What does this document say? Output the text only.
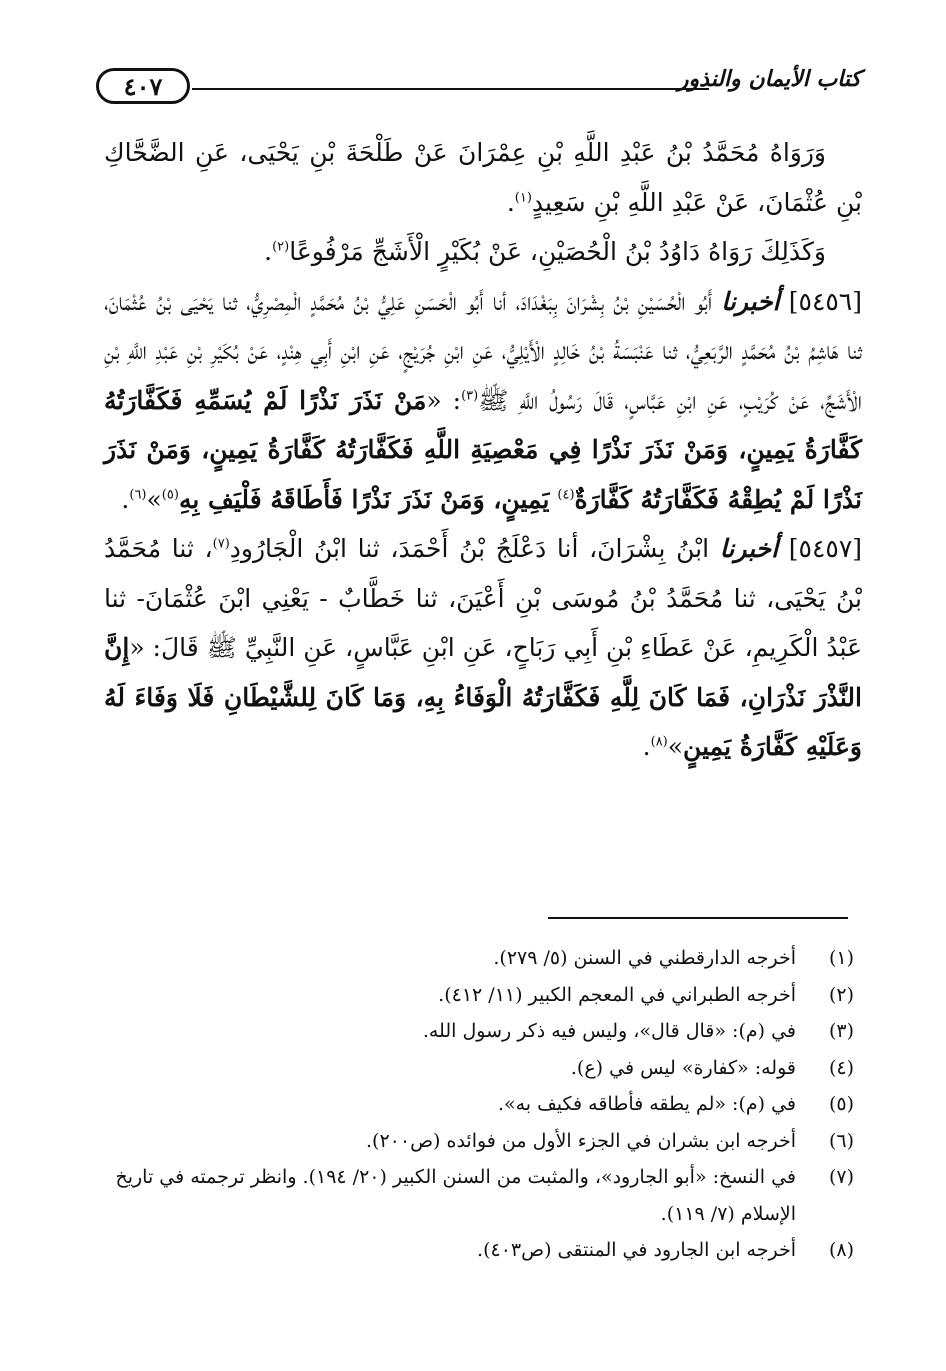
٤٠٧	كتاب الأيمان والنذور

وَرَوَاهُ مُحَمَّدُ بْنُ عَبْدِ اللَّهِ بْنِ عِمْرَانَ عَنْ طَلْحَةَ بْنِ يَحْيَى، عَنِ الضَّحَّاكِ بْنِ عُثْمَانَ، عَنْ عَبْدِ اللَّهِ بْنِ سَعِيدٍ$^{(١)}$.

وَكَذَلِكَ رَوَاهُ دَاوُدُ بْنُ الْحُصَيْنِ، عَنْ بُكَيْرٍ الْأَشَجِّ مَرْفُوعًا$^{(٢)}$.

[٥٤٥٦] أخبرنا أَبُو الْحُسَيْنِ بْنُ بِشْرَانَ بِبَغْدَادَ، أنا أَبُو الْحَسَنِ عَلِيُّ بْنُ مُحَمَّدٍ الْمِصْرِيُّ، ثنا يَحْيَى بْنُ عُثْمَانَ، ثنا هَاشِمُ بْنُ مُحَمَّدٍ الرَّبَعِيُّ، ثنا عَنْبَسَةُ بْنُ خَالِدٍ الْأَيْلِيُّ، عَنِ ابْنِ جُرَيْجٍ، عَنِ ابْنِ أَبِي هِنْدٍ، عَنْ بُكَيْرِ بْنِ عَبْدِ اللَّهِ بْنِ الْأَشَجِّ، عَنْ كُرَيْبٍ، عَنِ ابْنِ عَبَّاسٍ، قَالَ رَسُولُ اللَّهِ ﷺ$^{(٣)}$: «مَنْ نَذَرَ نَذْرًا لَمْ يُسَمِّهِ فَكَفَّارَتُهُ كَفَّارَةُ يَمِينٍ، وَمَنْ نَذَرَ نَذْرًا فِي مَعْصِيَةِ اللَّهِ فَكَفَّارَتُهُ كَفَّارَةُ يَمِينٍ، وَمَنْ نَذَرَ نَذْرًا لَمْ يُطِقْهُ فَكَفَّارَتُهُ كَفَّارَةٌ$^{(٤)}$ يَمِينٍ، وَمَنْ نَذَرَ نَذْرًا فَأَطَاقَهُ فَلْيَفِ بِهِ$^{(٥)}$»$^{(٦)}$.

[٥٤٥٧] أخبرنا ابْنُ بِشْرَانَ، أنا دَعْلَجُ بْنُ أَحْمَدَ، ثنا ابْنُ الْجَارُودِ$^{(٧)}$، ثنا مُحَمَّدُ بْنُ يَحْيَى، ثنا مُحَمَّدُ بْنُ مُوسَى بْنِ أَعْيَنَ، ثنا خَطَّابٌ - يَعْنِي ابْنَ عُثْمَانَ- ثنا عَبْدُ الْكَرِيمِ، عَنْ عَطَاءِ بْنِ أَبِي رَبَاحٍ، عَنِ ابْنِ عَبَّاسٍ، عَنِ النَّبِيِّ ﷺ قَالَ: «إِنَّ النَّذْرَ نَذْرَانِ، فَمَا كَانَ لِلَّهِ فَكَفَّارَتُهُ الْوَفَاءُ بِهِ، وَمَا كَانَ لِلشَّيْطَانِ فَلَا وَفَاءَ لَهُ وَعَلَيْهِ كَفَّارَةُ يَمِينٍ»$^{(٨)}$.

(١)
أخرجه الدارقطني في السنن (٥/ ٢٧٩).
(٢)
أخرجه الطبراني في المعجم الكبير (١١/ ٤١٢).
(٣)
في (م): «قال قال»، وليس فيه ذكر رسول الله.
(٤)
قوله: «كفارة» ليس في (ع).
(٥)
في (م): «لم يطقه فأطاقه فكيف به».
(٦)
أخرجه ابن بشران في الجزء الأول من فوائده (ص٢٠٠).
(٧)
في النسخ: «أبو الجارود»، والمثبت من السنن الكبير (٢٠/ ١٩٤). وانظر ترجمته في تاريخ الإسلام (٧/ ١١٩).
(٨)
أخرجه ابن الجارود في المنتقى (ص٤٠٣).
